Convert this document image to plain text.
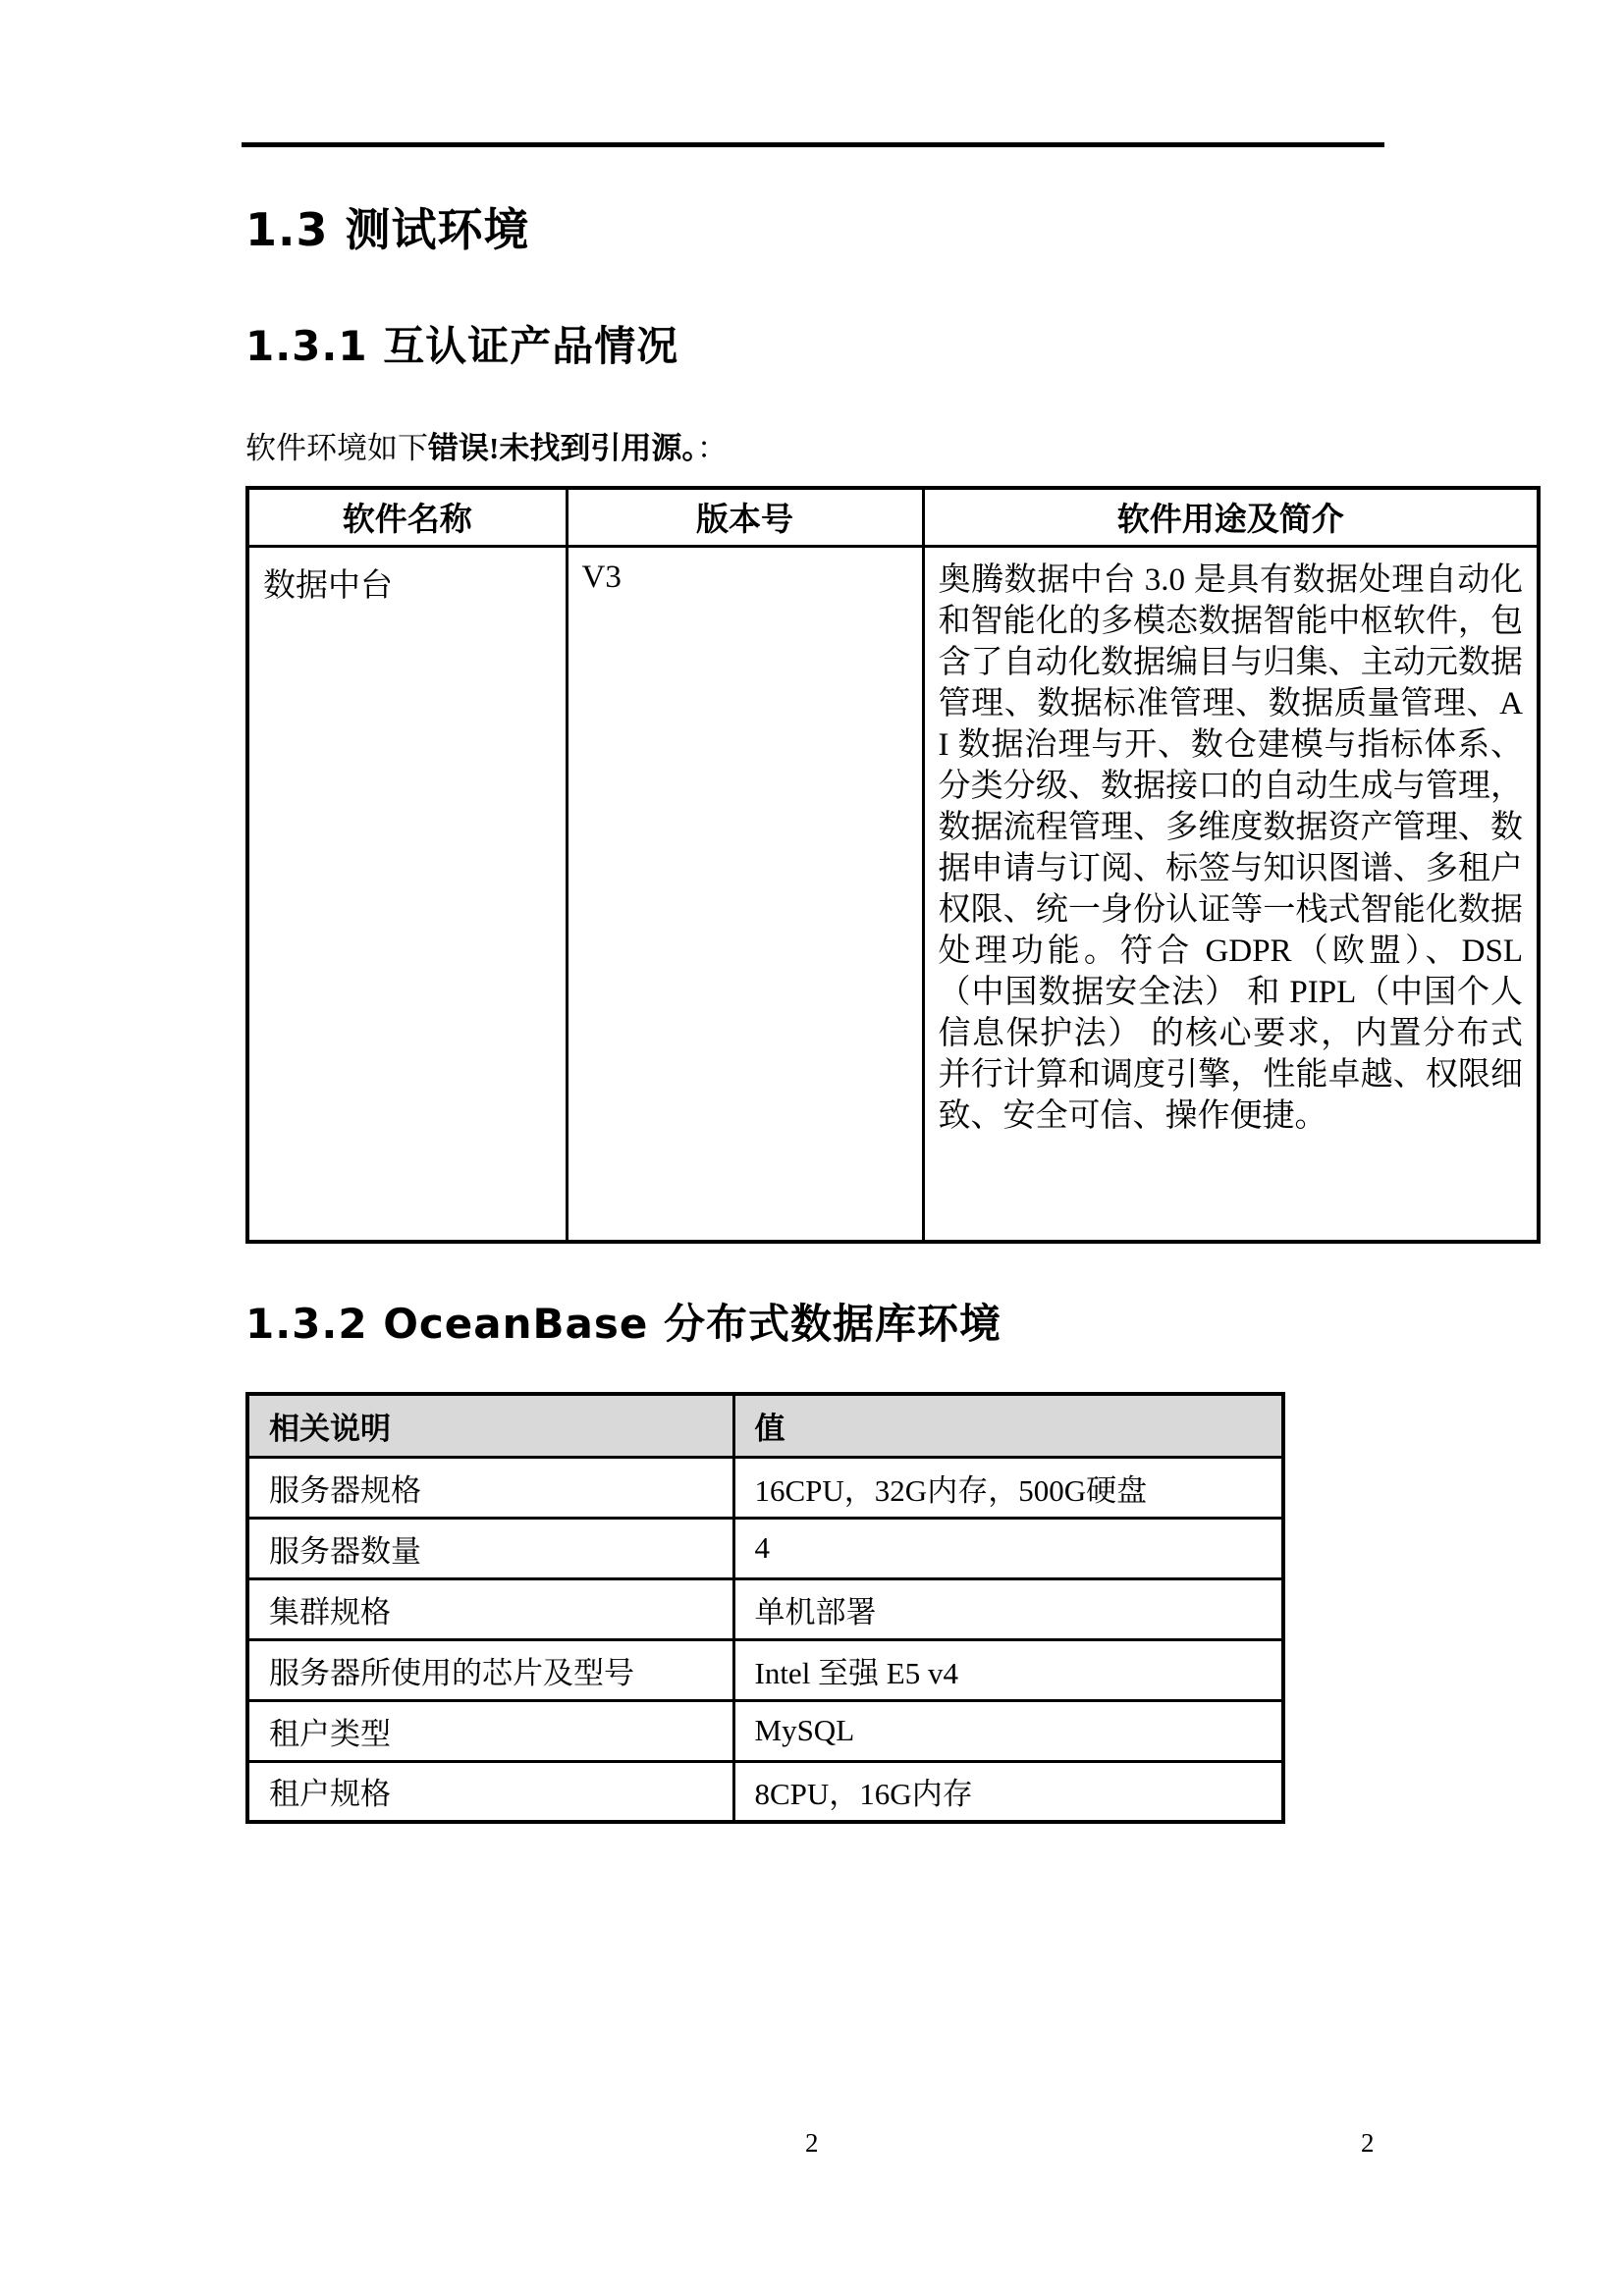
1.3 测试环境
1.3.1 互认证产品情况
软件环境如下错误!未找到引用源。：
软件名称	版本号	软件用途及简介
数据中台	V3	奥腾数据中台 3.0 是具有数据处理自动化和智能化的多模态数据智能中枢软件，包含了自动化数据编目与归集、主动元数据管理、数据标准管理、数据质量管理、AI 数据治理与开、数仓建模与指标体系、分类分级、数据接口的自动生成与管理，数据流程管理、多维度数据资产管理、数据申请与订阅、标签与知识图谱、多租户权限、统一身份认证等一栈式智能化数据处理功能。符合 GDPR（欧盟）、DSL（中国数据安全法） 和 PIPL（中国个人信息保护法） 的核心要求，内置分布式并行计算和调度引擎，性能卓越、权限细致、安全可信、操作便捷。
1.3.2 OceanBase 分布式数据库环境
相关说明	值
服务器规格	16CPU，32G内存，500G硬盘
服务器数量	4
集群规格	单机部署
服务器所使用的芯片及型号	Intel 至强 E5 v4
租户类型	MySQL
租户规格	8CPU，16G内存
2	2
